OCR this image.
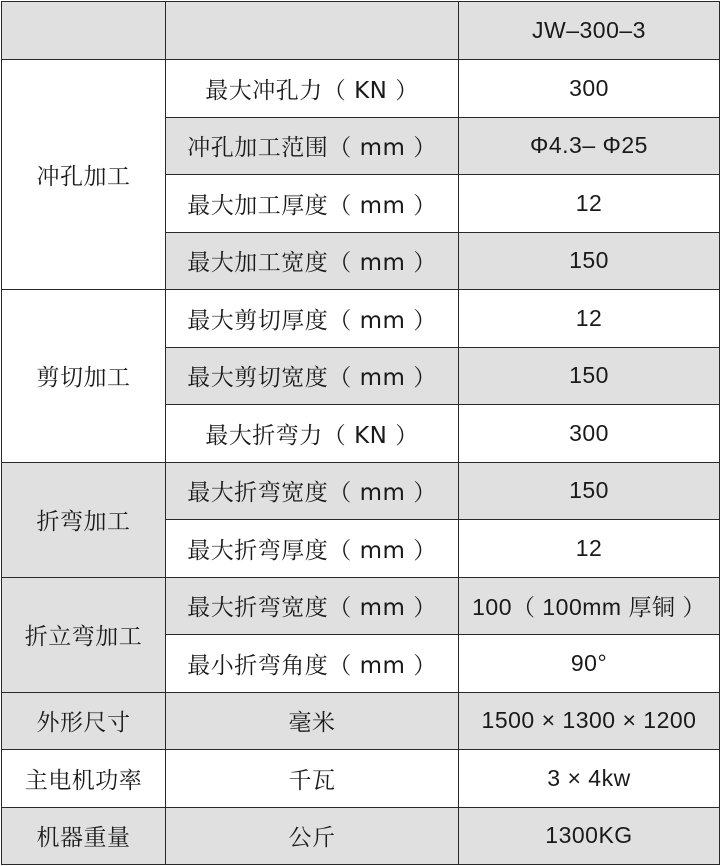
		JW–300–3
冲孔加工	最大冲孔力（ KN ）	300
	冲孔加工范围（ mm ）	Φ4.3– Φ25
	最大加工厚度（ mm ）	12
	最大加工宽度（ mm ）	150
剪切加工	最大剪切厚度（ mm ）	12
	最大剪切宽度（ mm ）	150
	最大折弯力（ KN ）	300
折弯加工	最大折弯宽度（ mm ）	150
	最大折弯厚度（ mm ）	12
折立弯加工	最大折弯宽度（ mm ）	100（ 100mm 厚铜 ）
	最小折弯角度（ mm ）	90°
外形尺寸	毫米	1500 × 1300 × 1200
主电机功率	千瓦	3 × 4kw
机器重量	公斤	1300KG
